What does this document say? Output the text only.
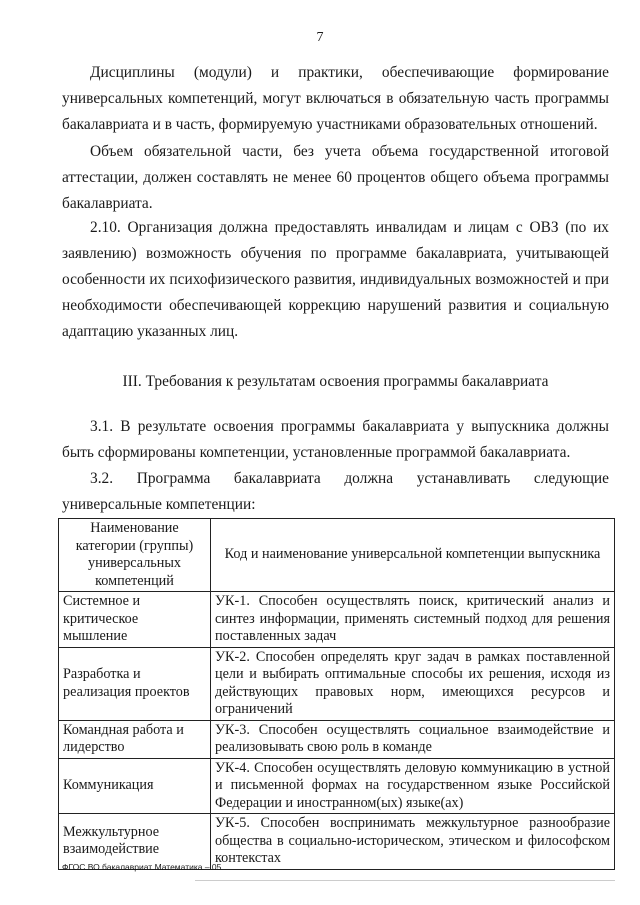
7

Дисциплины (модули) и практики, обеспечивающие формирование универсальных компетенций, могут включаться в обязательную часть программы бакалавриата и в часть, формируемую участниками образовательных отношений.

Объем обязательной части, без учета объема государственной итоговой аттестации, должен составлять не менее 60 процентов общего объема программы бакалавриата.

2.10. Организация должна предоставлять инвалидам и лицам с ОВЗ (по их заявлению) возможность обучения по программе бакалавриата, учитывающей особенности их психофизического развития, индивидуальных возможностей и при необходимости обеспечивающей коррекцию нарушений развития и социальную адаптацию указанных лиц.

III. Требования к результатам освоения программы бакалавриата

3.1. В результате освоения программы бакалавриата у выпускника должны быть сформированы компетенции, установленные программой бакалавриата.

3.2. Программа бакалавриата должна устанавливать следующие универсальные компетенции:

Наименование категории (группы) универсальных компетенций	Код и наименование универсальной компетенции выпускника
Системное и критическое мышление	УК-1. Способен осуществлять поиск, критический анализ и синтез информации, применять системный подход для решения поставленных задач
Разработка и реализация проектов	УК-2. Способен определять круг задач в рамках поставленной цели и выбирать оптимальные способы их решения, исходя из действующих правовых норм, имеющихся ресурсов и ограничений
Командная работа и лидерство	УК-3. Способен осуществлять социальное взаимодействие и реализовывать свою роль в команде
Коммуникация	УК-4. Способен осуществлять деловую коммуникацию в устной и письменной формах на государственном языке Российской Федерации и иностранном(ых) языке(ах)
Межкультурное взаимодействие	УК-5. Способен воспринимать межкультурное разнообразие общества в социально-историческом, этическом и философском контекстах
ФГОС ВО бакалавриат Математика – 05
